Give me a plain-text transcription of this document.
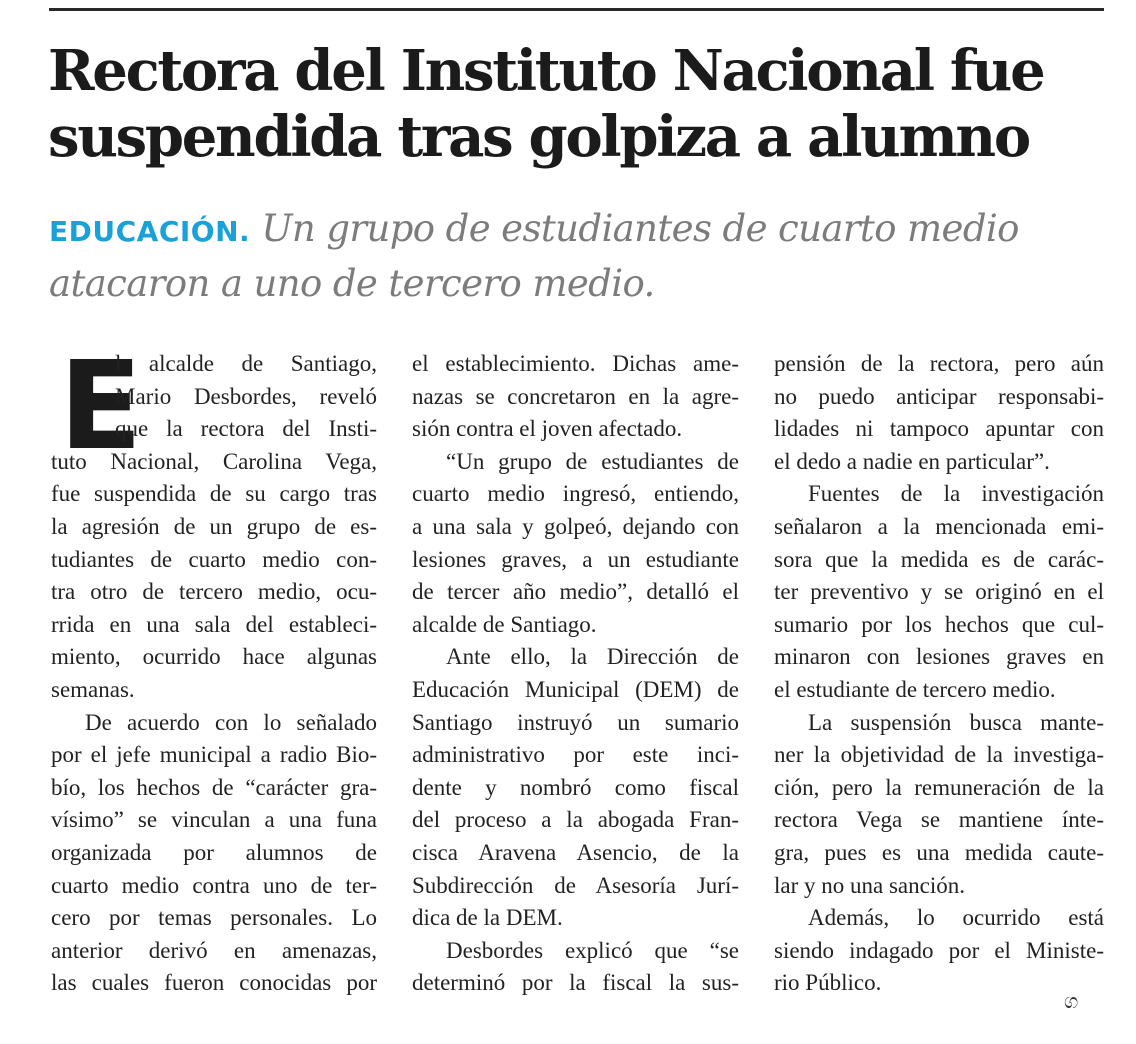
Rectora del Instituto Nacional fue
suspendida tras golpiza a alumno
EDUCACIÓN. Un grupo de estudiantes de cuarto medio
atacaron a uno de tercero medio.
E
l alcalde de Santiago,
Mario Desbordes, reveló
que la rectora del Insti-
tuto Nacional, Carolina Vega,
fue suspendida de su cargo tras
la agresión de un grupo de es-
tudiantes de cuarto medio con-
tra otro de tercero medio, ocu-
rrida en una sala del estableci-
miento, ocurrido hace algunas
semanas.
De acuerdo con lo señalado
por el jefe municipal a radio Bio-
bío, los hechos de “carácter gra-
vísimo” se vinculan a una funa
organizada por alumnos de
cuarto medio contra uno de ter-
cero por temas personales. Lo
anterior derivó en amenazas,
las cuales fueron conocidas por
el establecimiento. Dichas ame-
nazas se concretaron en la agre-
sión contra el joven afectado.
“Un grupo de estudiantes de
cuarto medio ingresó, entiendo,
a una sala y golpeó, dejando con
lesiones graves, a un estudiante
de tercer año medio”, detalló el
alcalde de Santiago.
Ante ello, la Dirección de
Educación Municipal (DEM) de
Santiago instruyó un sumario
administrativo por este inci-
dente y nombró como fiscal
del proceso a la abogada Fran-
cisca Aravena Asencio, de la
Subdirección de Asesoría Jurí-
dica de la DEM.
Desbordes explicó que “se
determinó por la fiscal la sus-
pensión de la rectora, pero aún
no puedo anticipar responsabi-
lidades ni tampoco apuntar con
el dedo a nadie en particular”.
Fuentes de la investigación
señalaron a la mencionada emi-
sora que la medida es de carác-
ter preventivo y se originó en el
sumario por los hechos que cul-
minaron con lesiones graves en
el estudiante de tercero medio.
La suspensión busca mante-
ner la objetividad de la investiga-
ción, pero la remuneración de la
rectora Vega se mantiene ínte-
gra, pues es una medida caute-
lar y no una sanción.
Además, lo ocurrido está
siendo indagado por el Ministe-
rio Público.
ග
